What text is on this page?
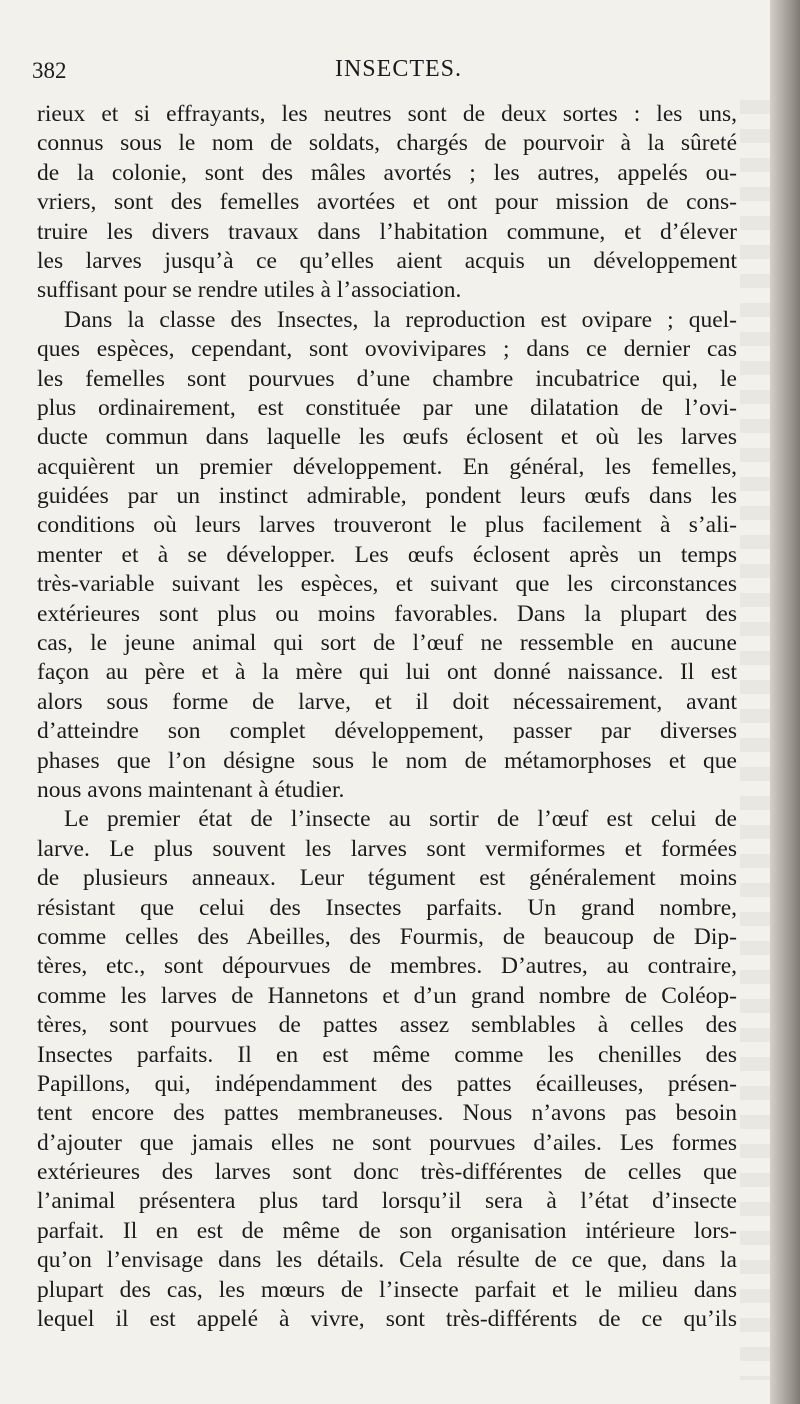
382	INSECTES.
rieux et si effrayants, les neutres sont de deux sortes : les uns,
connus sous le nom de soldats, chargés de pourvoir à la sûreté
de la colonie, sont des mâles avortés ; les autres, appelés ou-
vriers, sont des femelles avortées et ont pour mission de cons-
truire les divers travaux dans l’habitation commune, et d’élever
les larves jusqu’à ce qu’elles aient acquis un développement
suffisant pour se rendre utiles à l’association.
Dans la classe des Insectes, la reproduction est ovipare ; quel-
ques espèces, cependant, sont ovovivipares ; dans ce dernier cas
les femelles sont pourvues d’une chambre incubatrice qui, le
plus ordinairement, est constituée par une dilatation de l’ovi-
ducte commun dans laquelle les œufs éclosent et où les larves
acquièrent un premier développement. En général, les femelles,
guidées par un instinct admirable, pondent leurs œufs dans les
conditions où leurs larves trouveront le plus facilement à s’ali-
menter et à se développer. Les œufs éclosent après un temps
très-variable suivant les espèces, et suivant que les circonstances
extérieures sont plus ou moins favorables. Dans la plupart des
cas, le jeune animal qui sort de l’œuf ne ressemble en aucune
façon au père et à la mère qui lui ont donné naissance. Il est
alors sous forme de larve, et il doit nécessairement, avant
d’atteindre son complet développement, passer par diverses
phases que l’on désigne sous le nom de métamorphoses et que
nous avons maintenant à étudier.
Le premier état de l’insecte au sortir de l’œuf est celui de
larve. Le plus souvent les larves sont vermiformes et formées
de plusieurs anneaux. Leur tégument est généralement moins
résistant que celui des Insectes parfaits. Un grand nombre,
comme celles des Abeilles, des Fourmis, de beaucoup de Dip-
tères, etc., sont dépourvues de membres. D’autres, au contraire,
comme les larves de Hannetons et d’un grand nombre de Coléop-
tères, sont pourvues de pattes assez semblables à celles des
Insectes parfaits. Il en est même comme les chenilles des
Papillons, qui, indépendamment des pattes écailleuses, présen-
tent encore des pattes membraneuses. Nous n’avons pas besoin
d’ajouter que jamais elles ne sont pourvues d’ailes. Les formes
extérieures des larves sont donc très-différentes de celles que
l’animal présentera plus tard lorsqu’il sera à l’état d’insecte
parfait. Il en est de même de son organisation intérieure lors-
qu’on l’envisage dans les détails. Cela résulte de ce que, dans la
plupart des cas, les mœurs de l’insecte parfait et le milieu dans
lequel il est appelé à vivre, sont très-différents de ce qu’ils
